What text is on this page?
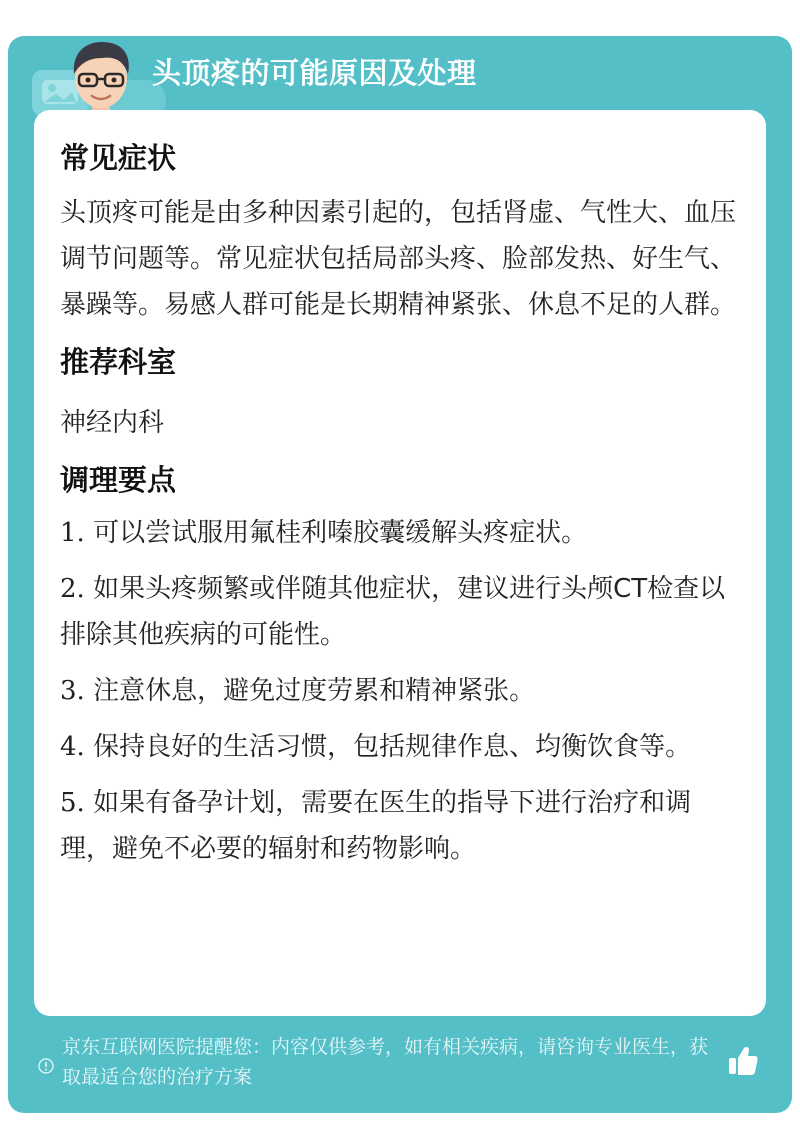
头顶疼的可能原因及处理
常见症状

头顶疼可能是由多种因素引起的，包括肾虚、气性大、血压调节问题等。常见症状包括局部头疼、脸部发热、好生气、暴躁等。易感人群可能是长期精神紧张、休息不足的人群。

推荐科室

神经内科

调理要点
1. 可以尝试服用氟桂利嗪胶囊缓解头疼症状。
2. 如果头疼频繁或伴随其他症状，建议进行头颅CT检查以排除其他疾病的可能性。
3. 注意休息，避免过度劳累和精神紧张。
4. 保持良好的生活习惯，包括规律作息、均衡饮食等。
5. 如果有备孕计划，需要在医生的指导下进行治疗和调理，避免不必要的辐射和药物影响。
京东互联网医院提醒您：内容仅供参考，如有相关疾病，请咨询专业医生，获取最适合您的治疗方案
